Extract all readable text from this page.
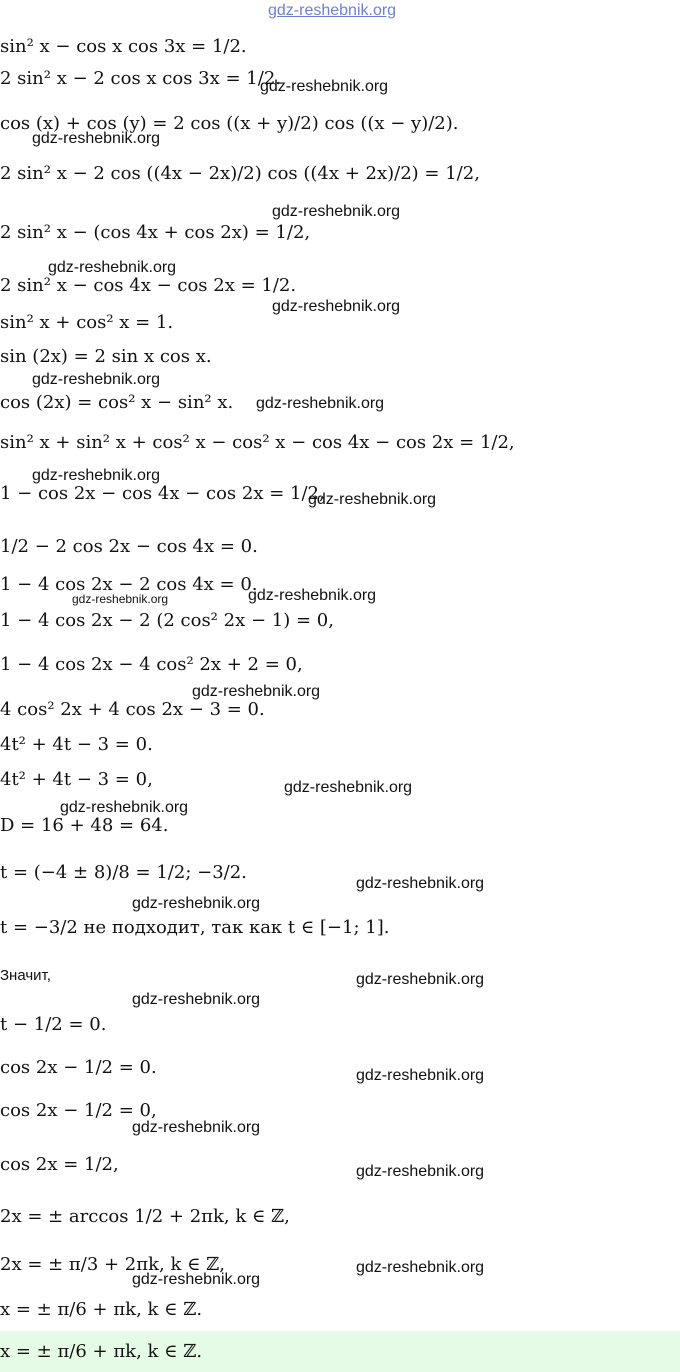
gdz-reshebnik.org
sin² x − cos x cos 3x = 1/2.
2 sin² x − 2 cos x cos 3x = 1/2.
cos (x) + cos (y) = 2 cos ((x + y)/2) cos ((x − y)/2).
2 sin² x − 2 cos ((4x − 2x)/2) cos ((4x + 2x)/2) = 1/2,
2 sin² x − (cos 4x + cos 2x) = 1/2,
2 sin² x − cos 4x − cos 2x = 1/2.
sin² x + cos² x = 1.
sin (2x) = 2 sin x cos x.
cos (2x) = cos² x − sin² x.
sin² x + sin² x + cos² x − cos² x − cos 4x − cos 2x = 1/2,
1 − cos 2x − cos 4x − cos 2x = 1/2,
1/2 − 2 cos 2x − cos 4x = 0.
1 − 4 cos 2x − 2 cos 4x = 0.
1 − 4 cos 2x − 2 (2 cos² 2x − 1) = 0,
1 − 4 cos 2x − 4 cos² 2x + 2 = 0,
4 cos² 2x + 4 cos 2x − 3 = 0.
4t² + 4t − 3 = 0.
4t² + 4t − 3 = 0,
D = 16 + 48 = 64.
t = (−4 ± 8)/8 = 1/2; −3/2.
t = −3/2 не подходит, так как t ∈ [−1; 1].
Значит,
t − 1/2 = 0.
cos 2x − 1/2 = 0.
cos 2x − 1/2 = 0,
cos 2x = 1/2,
2x = ± arccos 1/2 + 2πk, k ∈ ℤ,
2x = ± π/3 + 2πk, k ∈ ℤ,
x = ± π/6 + πk, k ∈ ℤ.
x = ± π/6 + πk, k ∈ ℤ.
gdz-reshebnik.org
gdz-reshebnik.org
gdz-reshebnik.org
gdz-reshebnik.org
gdz-reshebnik.org
gdz-reshebnik.org
gdz-reshebnik.org
gdz-reshebnik.org
gdz-reshebnik.org
gdz-reshebnik.org	gdz-reshebnik.org
gdz-reshebnik.org
gdz-reshebnik.org
gdz-reshebnik.org
gdz-reshebnik.org
gdz-reshebnik.org
gdz-reshebnik.org
gdz-reshebnik.org
gdz-reshebnik.org
gdz-reshebnik.org
gdz-reshebnik.org
gdz-reshebnik.org
gdz-reshebnik.org
